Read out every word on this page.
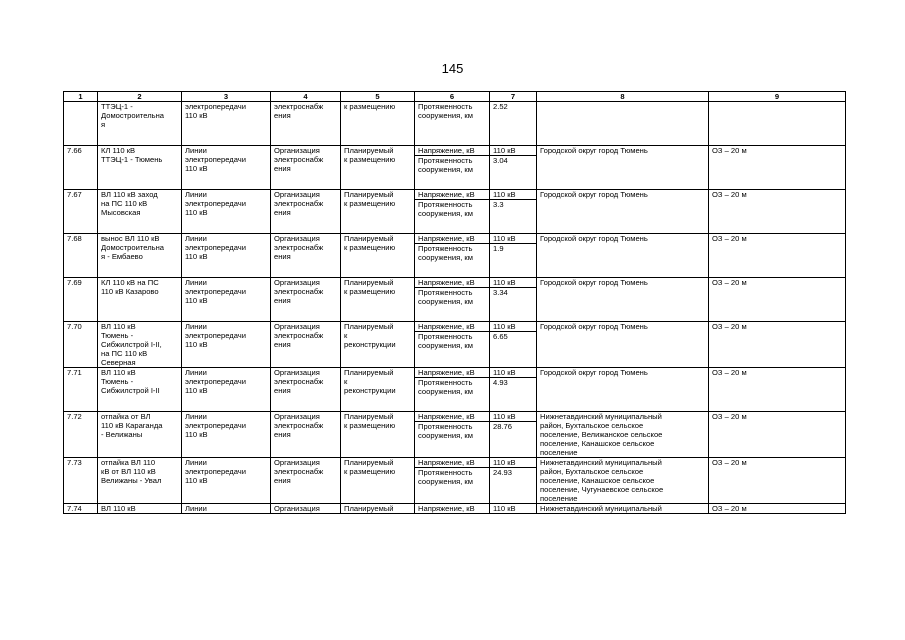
145
1	2	3	4	5	6	7	8	9

	ТТЭЦ-1 -
Домостроительна
я	электропередачи
110 кВ	электроснабж
ения	к размещению	Протяженность
сооружения, км	2.52		

7.66	КЛ 110 кВ
ТТЭЦ-1 - Тюмень	Линии
электропередачи
110 кВ	Организация
электроснабж
ения	Планируемый
к размещению	Напряжение, кВ
Протяженность
сооружения, км	110 кВ
3.04	Городской округ город Тюмень	ОЗ – 20 м

7.67	ВЛ 110 кВ заход
на ПС 110 кВ
Мысовская	Линии
электропередачи
110 кВ	Организация
электроснабж
ения	Планируемый
к размещению	Напряжение, кВ
Протяженность
сооружения, км	110 кВ
3.3	Городской округ город Тюмень	ОЗ – 20 м

7.68	вынос ВЛ 110 кВ
Домостроительна
я - Ембаево	Линии
электропередачи
110 кВ	Организация
электроснабж
ения	Планируемый
к размещению	Напряжение, кВ
Протяженность
сооружения, км	110 кВ
1.9	Городской округ город Тюмень	ОЗ – 20 м

7.69	КЛ 110 кВ на ПС
110 кВ Казарово	Линии
электропередачи
110 кВ	Организация
электроснабж
ения	Планируемый
к размещению	Напряжение, кВ
Протяженность
сооружения, км	110 кВ
3.34	Городской округ город Тюмень	ОЗ – 20 м

7.70	ВЛ 110 кВ
Тюмень -
Сибжилстрой I-II,
на ПС 110 кВ
Северная	Линии
электропередачи
110 кВ	Организация
электроснабж
ения	Планируемый
к
реконструкции	Напряжение, кВ
Протяженность
сооружения, км	110 кВ
6.65	Городской округ город Тюмень	ОЗ – 20 м

7.71	ВЛ 110 кВ
Тюмень -
Сибжилстрой I-II	Линии
электропередачи
110 кВ	Организация
электроснабж
ения	Планируемый
к
реконструкции	Напряжение, кВ
Протяженность
сооружения, км	110 кВ
4.93	Городской округ город Тюмень	ОЗ – 20 м

7.72	отпайка от ВЛ
110 кВ Караганда
- Велижаны	Линии
электропередачи
110 кВ	Организация
электроснабж
ения	Планируемый
к размещению	Напряжение, кВ
Протяженность
сооружения, км	110 кВ
28.76	Нижнетавдинский муниципальный
район, Бухтальское сельское
поселение, Велижанское сельское
поселение, Канашское сельское
поселение	ОЗ – 20 м

7.73	отпайка ВЛ 110
кВ от ВЛ 110 кВ
Велижаны - Увал	Линии
электропередачи
110 кВ	Организация
электроснабж
ения	Планируемый
к размещению	Напряжение, кВ
Протяженность
сооружения, км	110 кВ
24.93	Нижнетавдинский муниципальный
район, Бухтальское сельское
поселение, Канашское сельское
поселение, Чугунаевское сельское
поселение	ОЗ – 20 м

7.74	ВЛ 110 кВ	Линии	Организация	Планируемый	Напряжение, кВ	110 кВ	Нижнетавдинский муниципальный	ОЗ – 20 м
